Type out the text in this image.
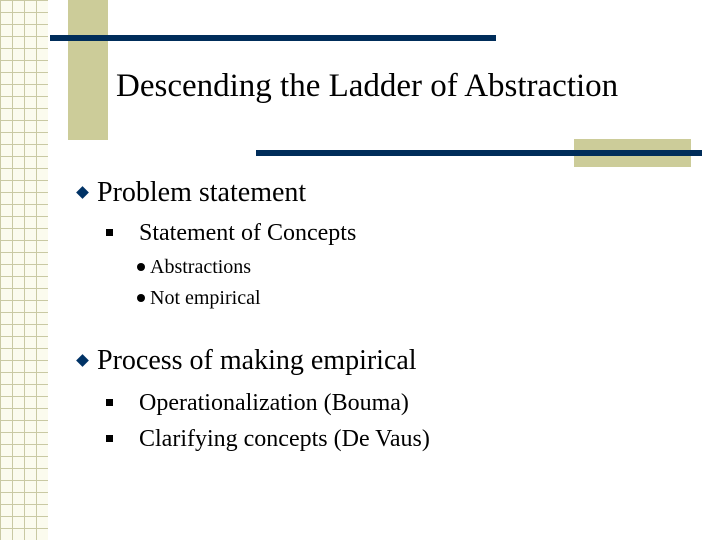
Descending the Ladder of Abstraction
Problem statement
Statement of Concepts
Abstractions
Not empirical
Process of making empirical
Operationalization (Bouma)
Clarifying concepts (De Vaus)
